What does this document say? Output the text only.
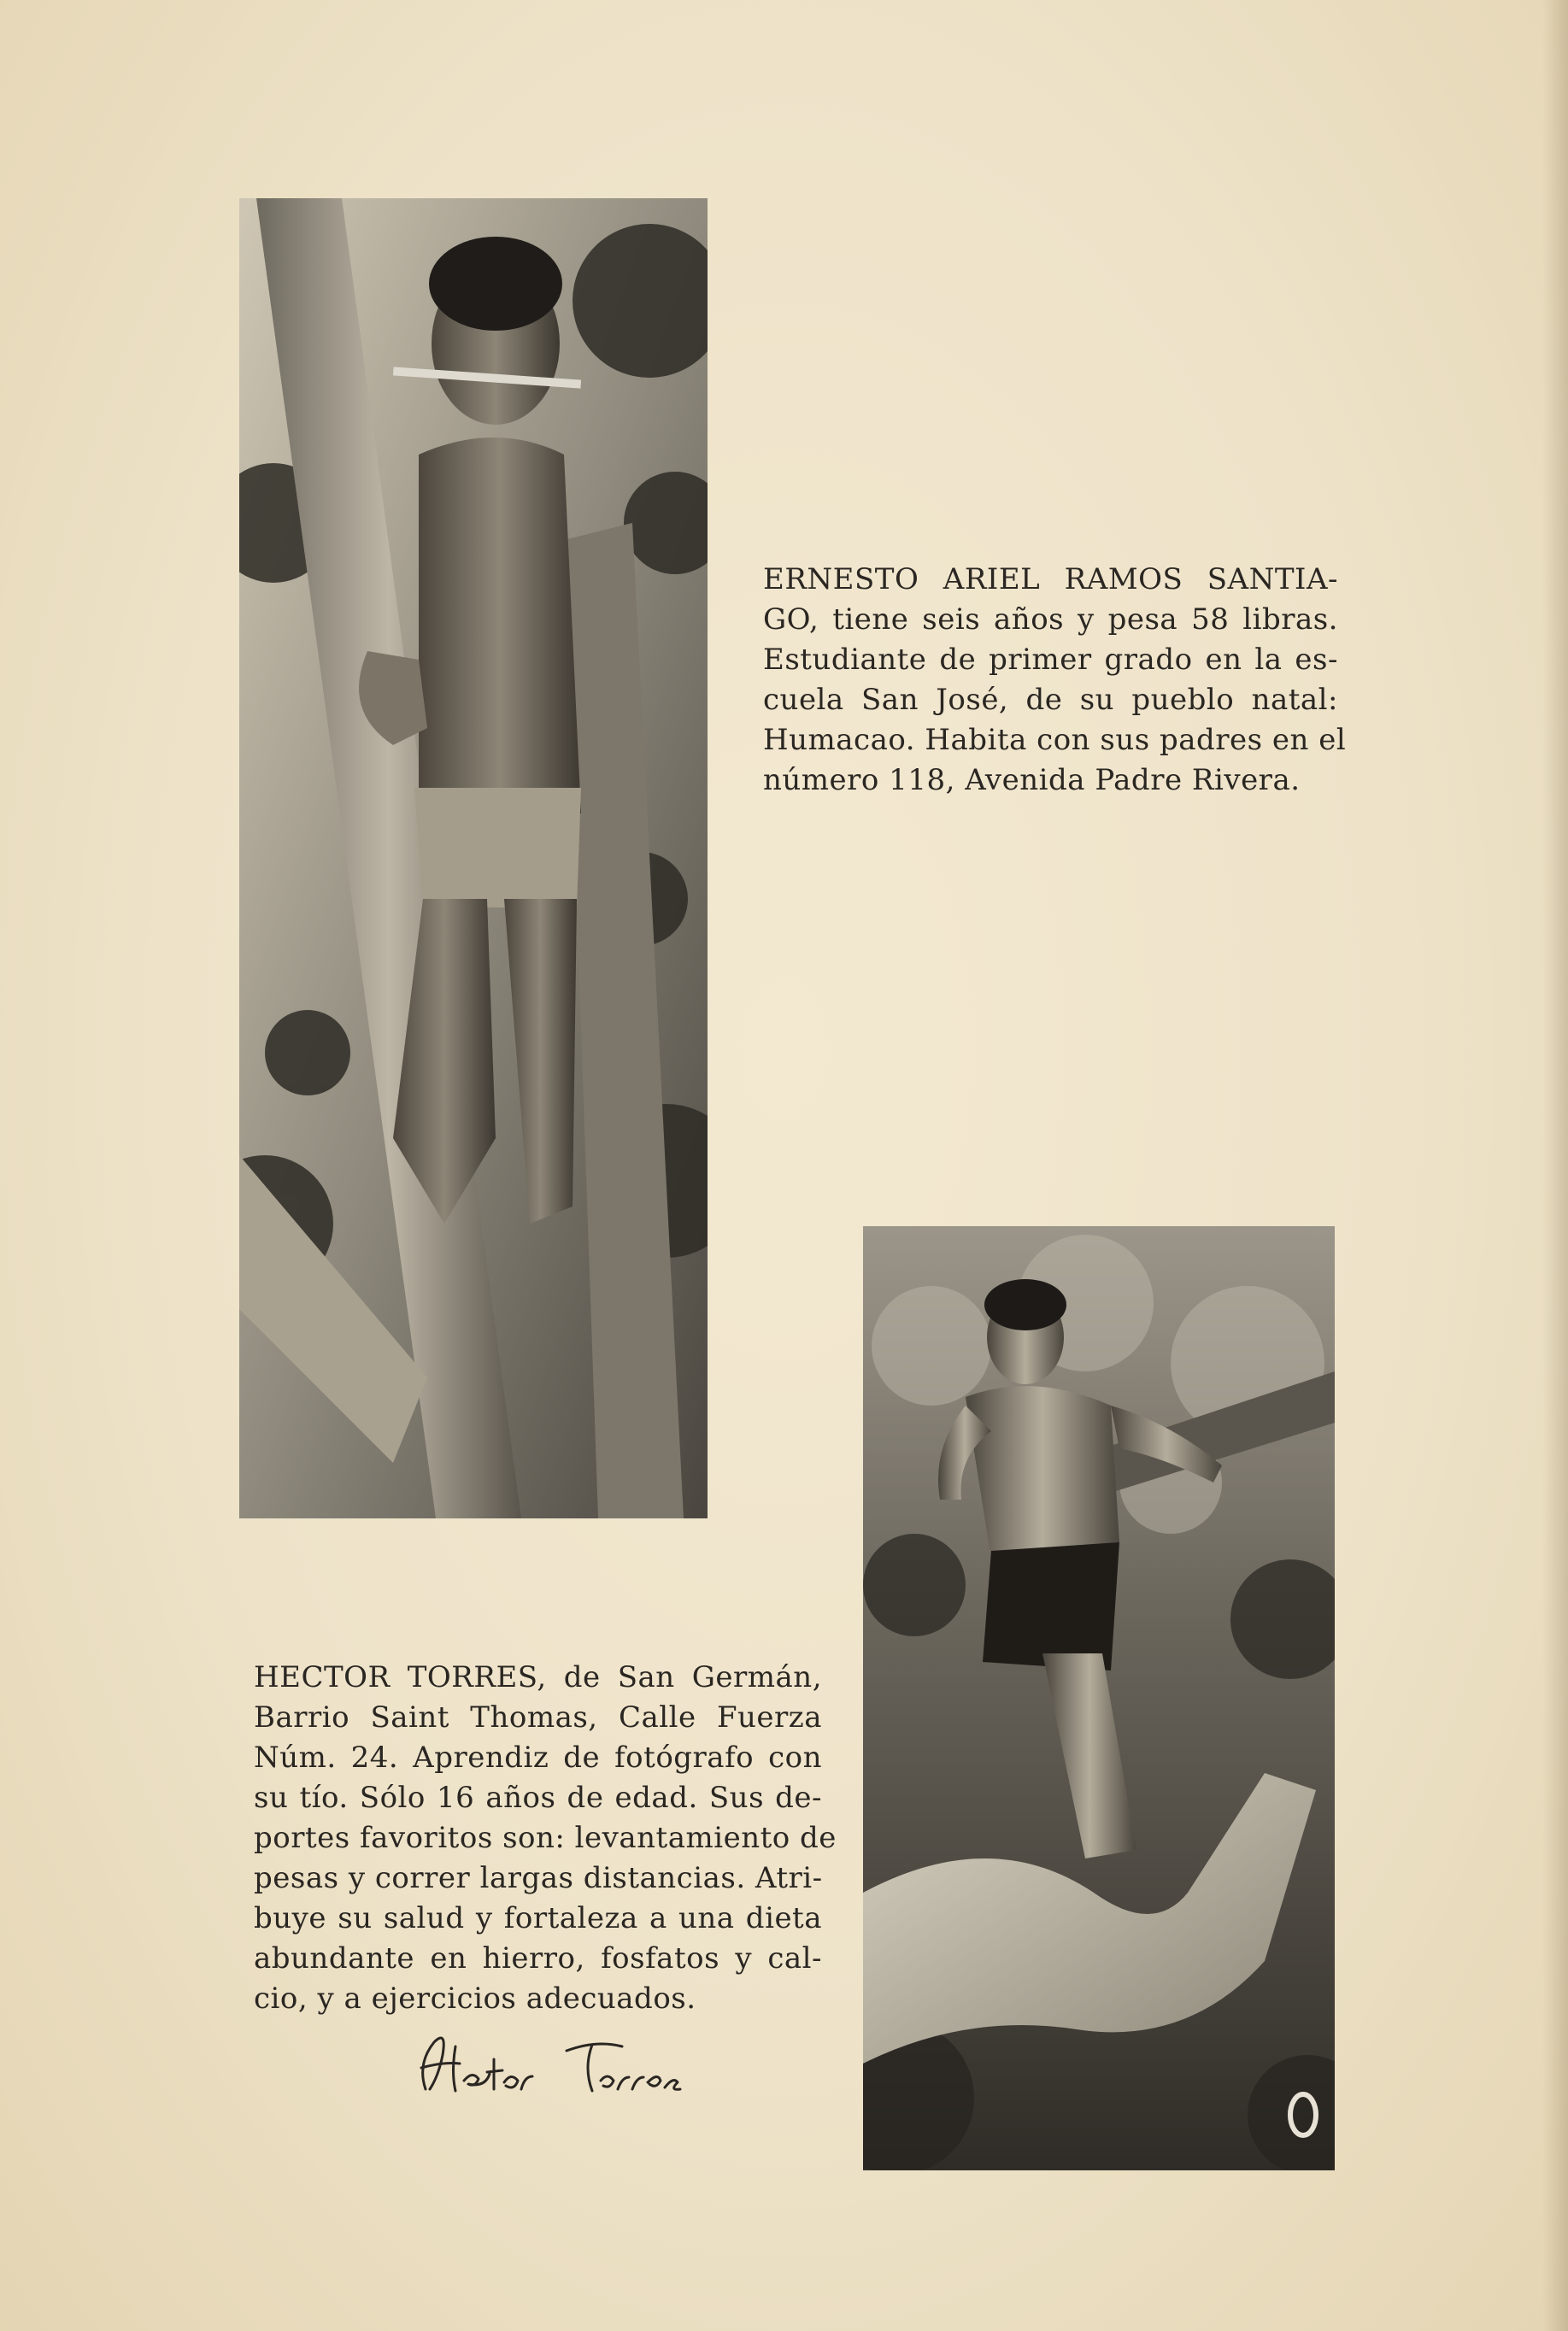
ERNESTO ARIEL RAMOS SANTIA-
GO, tiene seis años y pesa 58 libras.
Estudiante de primer grado en la es-
cuela San José, de su pueblo natal:
Humacao. Habita con sus padres en el
número 118, Avenida Padre Rivera.
HECTOR TORRES, de San Germán,
Barrio Saint Thomas, Calle Fuerza
Núm. 24. Aprendiz de fotógrafo con
su tío. Sólo 16 años de edad. Sus de-
portes favoritos son: levantamiento de
pesas y correr largas distancias. Atri-
buye su salud y fortaleza a una dieta
abundante en hierro, fosfatos y cal-
cio, y a ejercicios adecuados.
